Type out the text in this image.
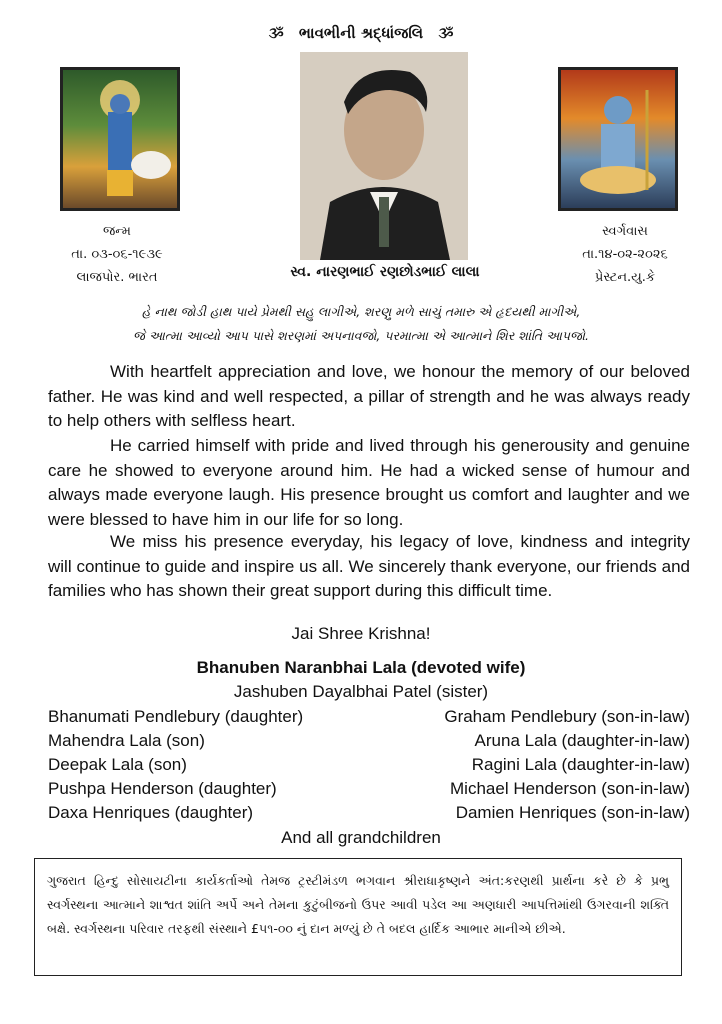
ૐ ભાવભીની શ્રદ્ધાંજલિ ૐ
જન્મ
તા. ૦૩-૦૬-૧૯૩૯
લાજપોર. ભારત
સ્વર્ગવાસ
તા.૧૪-૦૨-૨૦૨૬
પ્રેસ્ટન.યુ.કે
સ્વ. નારણભાઈ રણછોડભાઈ લાલા
હે નાથ જોડી હાથ પાયે પ્રેમથી સહુ લાગીએ, શરણુ મળે સાચું તમારુ એ હૃદયથી માગીએ,
જે આત્મા આવ્યો આપ પાસે શરણમાં અપનાવજો, પરમાત્મા એ આત્માને શિર શાંતિ આપજો.

With heartfelt appreciation and love, we honour the memory of our beloved father. He was kind and well respected, a pillar of strength and he was always ready to help others with selfless heart.

He carried himself with pride and lived through his generousity and genuine care he showed to everyone around him. He had a wicked sense of humour and always made everyone laugh. His presence brought us comfort and laughter and we were blessed to have him in our life for so long.

We miss his presence everyday, his legacy of love, kindness and integrity will continue to guide and inspire us all. We sincerely thank everyone, our friends and families who has shown their great support during this difficult time.

Jai Shree Krishna!
Bhanuben Naranbhai Lala (devoted wife)
Jashuben Dayalbhai Patel (sister)
Bhanumati Pendlebury (daughter)	Graham Pendlebury (son-in-law)
Mahendra Lala (son)	Aruna Lala (daughter-in-law)
Deepak Lala (son)	Ragini Lala (daughter-in-law)
Pushpa Henderson (daughter)	Michael Henderson (son-in-law)
Daxa Henriques (daughter)	Damien Henriques (son-in-law)
And all grandchildren
ગુજરાત હિન્દુ સોસાયટીના કાર્યકર્તાઓ તેમજ ટ્રસ્ટીમંડળ ભગવાન શ્રીરાધાકૃષ્ણને અંત:કરણથી પ્રાર્થના કરે છે કે પ્રભુ સ્વર્ગસ્થના આત્માને શાશ્વત શાંતિ અર્પે અને તેમના કુટુંબીજનો ઉપર આવી પડેલ આ અણધારી આપત્તિમાંથી ઉગરવાની શક્તિ બક્ષે. સ્વર્ગસ્થના પરિવાર તરફથી સંસ્થાને £૫૧-૦૦ નું દાન મળ્યું છે તે બદલ હાર્દિક આભાર માનીએ છીએ.
